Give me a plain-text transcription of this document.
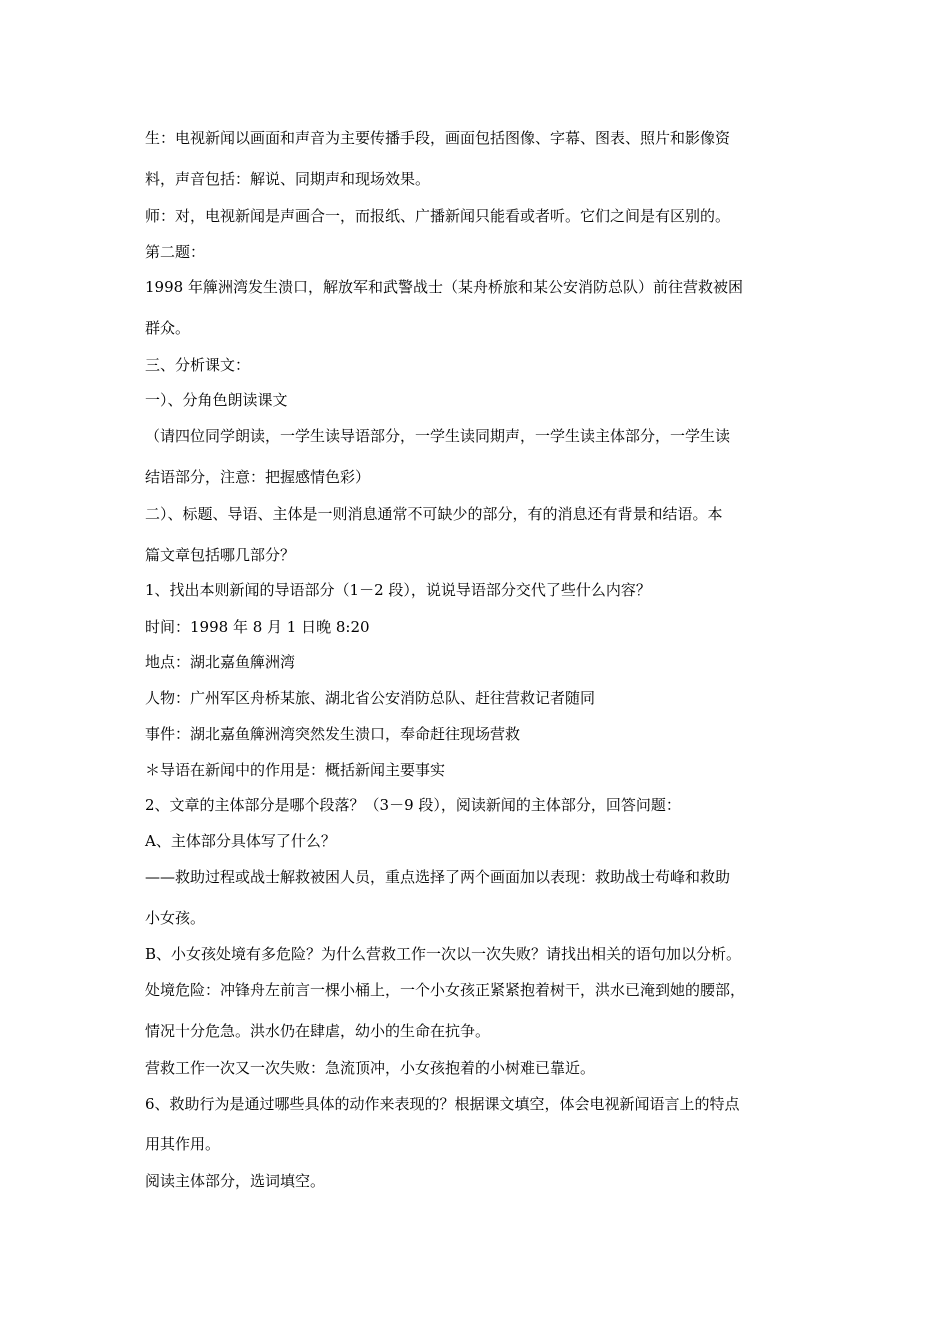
生：电视新闻以画面和声音为主要传播手段，画面包括图像、字幕、图表、照片和影像资

料，声音包括：解说、同期声和现场效果。

师：对，电视新闻是声画合一，而报纸、广播新闻只能看或者听。它们之间是有区别的。

第二题：

1998 年簰洲湾发生溃口，解放军和武警战士（某舟桥旅和某公安消防总队）前往营救被困

群众。

三、分析课文：

一）、分角色朗读课文

（请四位同学朗读，一学生读导语部分，一学生读同期声，一学生读主体部分，一学生读

结语部分，注意：把握感情色彩）

二）、标题、导语、主体是一则消息通常不可缺少的部分，有的消息还有背景和结语。本

篇文章包括哪几部分？

1、找出本则新闻的导语部分（1－2 段），说说导语部分交代了些什么内容？

时间：1998 年 8 月 1 日晚 8:20

地点：湖北嘉鱼簰洲湾

人物：广州军区舟桥某旅、湖北省公安消防总队、赶往营救记者随同

事件：湖北嘉鱼簰洲湾突然发生溃口，奉命赶往现场营救

＊导语在新闻中的作用是：概括新闻主要事实

2、文章的主体部分是哪个段落？（3－9 段），阅读新闻的主体部分，回答问题：

A、主体部分具体写了什么？

——救助过程或战士解救被困人员，重点选择了两个画面加以表现：救助战士苟峰和救助

小女孩。

B、小女孩处境有多危险？为什么营救工作一次以一次失败？请找出相关的语句加以分析。

处境危险：冲锋舟左前言一棵小桶上，一个小女孩正紧紧抱着树干，洪水已淹到她的腰部，

情况十分危急。洪水仍在肆虐，幼小的生命在抗争。

营救工作一次又一次失败：急流顶冲，小女孩抱着的小树难已靠近。

6、救助行为是通过哪些具体的动作来表现的？根据课文填空，体会电视新闻语言上的特点

用其作用。

阅读主体部分，选词填空。
